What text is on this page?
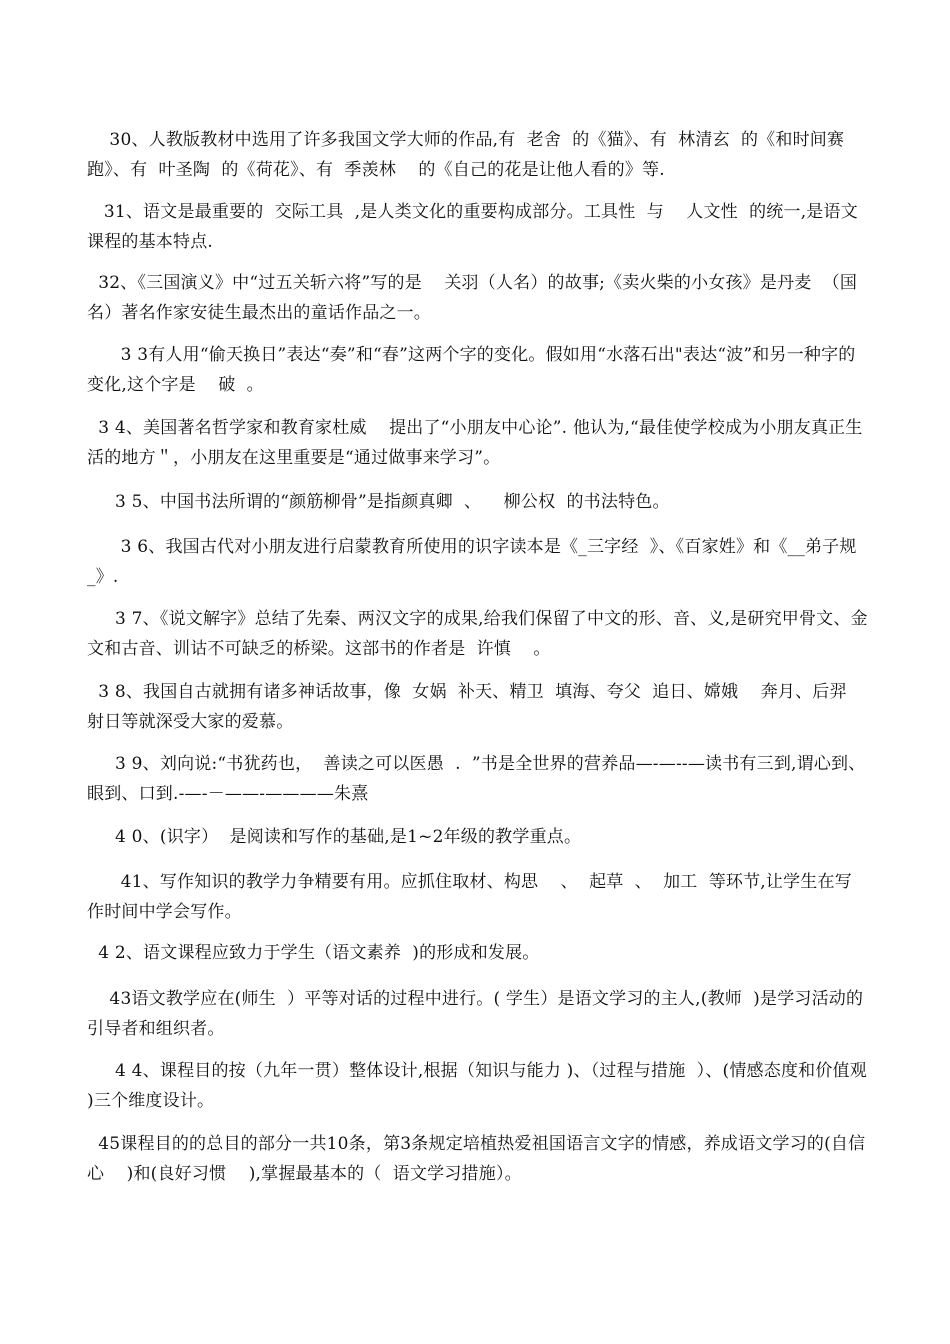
30、人教版教材中选用了许多我国文学大师的作品,有  老舍  的《猫》、有  林清玄  的《和时间赛跑》、有  叶圣陶  的《荷花》、有  季羡林    的《自己的花是让他人看的》等.

31、语文是最重要的  交际工具  ,是人类文化的重要构成部分。工具性  与    人文性  的统一,是语文课程的基本特点.

32、《三国演义》中“过五关斩六将”写的是    关羽（人名）的故事;《卖火柴的小女孩》是丹麦  （国名）著名作家安徒生最杰出的童话作品之一。

3 3有人用“偷天换日”表达“奏”和“春”这两个字的变化。假如用“水落石出"表达“波”和另一种字的变化,这个字是    破  。

3 4、美国著名哲学家和教育家杜威    提出了“小朋友中心论”. 他认为,“最佳使学校成为小朋友真正生活的地方＂，小朋友在这里重要是“通过做事来学习”。

3 5、中国书法所谓的“颜筋柳骨”是指颜真卿  、    柳公权  的书法特色。

3 6、我国古代对小朋友进行启蒙教育所使用的识字读本是《_三字经  》、《百家姓》和《__弟子规_》.

3 7、《说文解字》总结了先秦、两汉文字的成果,给我们保留了中文的形、音、义,是研究甲骨文、金文和古音、训诂不可缺乏的桥梁。这部书的作者是  许慎    。

3 8、我国自古就拥有诸多神话故事，像  女娲  补天、精卫  填海、夸父  追日、嫦娥    奔月、后羿  射日等就深受大家的爱慕。

3 9、刘向说:“书犹药也，  善读之可以医愚  .  ”书是全世界的营养品—-—--—读书有三到,谓心到、眼到、口到.-—-－——-————朱熹

4 0、(识字）  是阅读和写作的基础,是1~2年级的教学重点。

41、写作知识的教学力争精要有用。应抓住取材、构思    、  起草  、  加工  等环节,让学生在写作时间中学会写作。

4 2、语文课程应致力于学生（语文素养  )的形成和发展。

43语文教学应在(师生  ）平等对话的过程中进行。( 学生）是语文学习的主人,(教师  )是学习活动的引导者和组织者。

4 4、课程目的按（九年一贯）整体设计,根据（知识与能力 )、（过程与措施  ）、(情感态度和价值观  )三个维度设计。

45课程目的的总目的部分一共10条，第3条规定培植热爱祖国语言文字的情感，养成语文学习的(自信心    )和(良好习惯    ),掌握最基本的（  语文学习措施）。
